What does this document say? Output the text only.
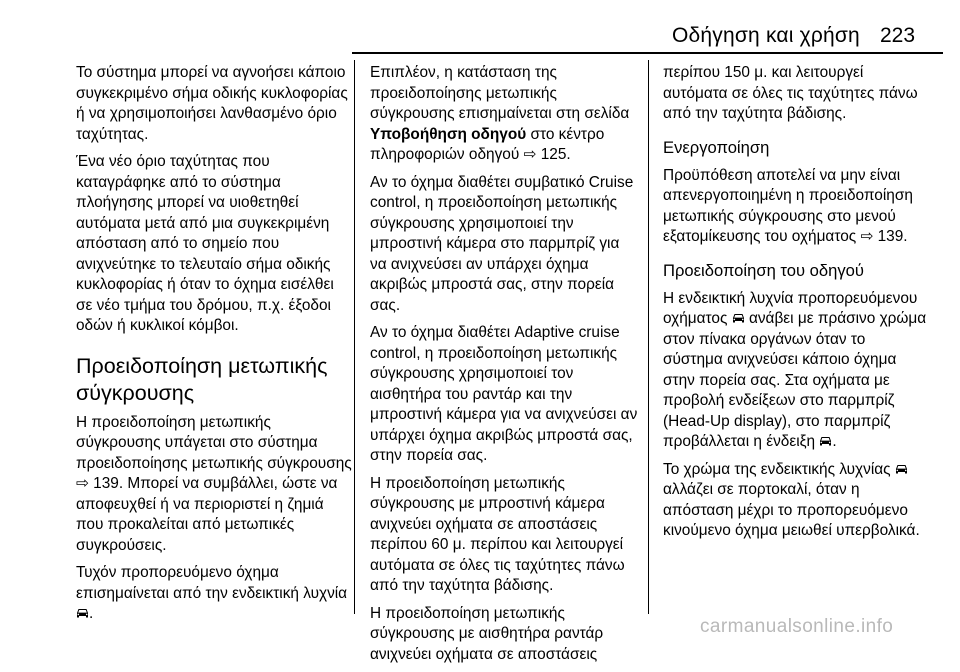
Οδήγηση και χρήση 223

Το σύστημα μπορεί να αγνοήσει κάποιο συγκεκριμένο σήμα οδικής κυκλοφορίας ή να χρησιμοποιήσει λανθασμένο όριο ταχύτητας.

Ένα νέο όριο ταχύτητας που καταγράφηκε από το σύστημα πλοήγησης μπορεί να υιοθετηθεί αυτόματα μετά από μια συγκεκριμένη απόσταση από το σημείο που ανιχνεύτηκε το τελευταίο σήμα οδικής κυκλοφορίας ή όταν το όχημα εισέλθει σε νέο τμήμα του δρόμου, π.χ. έξοδοι οδών ή κυκλικοί κόμβοι.

Προειδοποίηση μετωπικής σύγκρουσης

Η προειδοποίηση μετωπικής σύγκρουσης υπάγεται στο σύστημα προειδοποίησης μετωπικής σύγκρουσης ⇨ 139. Μπορεί να συμβάλλει, ώστε να αποφευχθεί ή να περιοριστεί η ζημιά που προκαλείται από μετωπικές συγκρούσεις.

Τυχόν προπορευόμενο όχημα επισημαίνεται από την ενδεικτική λυχνία .

Επιπλέον, η κατάσταση της προειδοποίησης μετωπικής σύγκρουσης επισημαίνεται στη σελίδα
Υποβοήθηση οδηγού στο κέντρο πληροφοριών οδηγού ⇨ 125.

Αν το όχημα διαθέτει συμβατικό Cruise control, η προειδοποίηση μετωπικής σύγκρουσης χρησιμοποιεί την μπροστινή κάμερα στο παρμπρίζ για να ανιχνεύσει αν υπάρχει όχημα ακριβώς μπροστά σας, στην πορεία σας.

Αν το όχημα διαθέτει Adaptive cruise control, η προειδοποίηση μετωπικής σύγκρουσης χρησιμοποιεί τον αισθητήρα του ραντάρ και την μπροστινή κάμερα για να ανιχνεύσει αν υπάρχει όχημα ακριβώς μπροστά σας, στην πορεία σας.

Η προειδοποίηση μετωπικής σύγκρουσης με μπροστινή κάμερα ανιχνεύει οχήματα σε αποστάσεις περίπου 60 μ. περίπου και λειτουργεί αυτόματα σε όλες τις ταχύτητες πάνω από την ταχύτητα βάδισης.

Η προειδοποίηση μετωπικής σύγκρουσης με αισθητήρα ραντάρ ανιχνεύει οχήματα σε αποστάσεις

περίπου 150 μ. και λειτουργεί αυτόματα σε όλες τις ταχύτητες πάνω από την ταχύτητα βάδισης.

Ενεργοποίηση

Προϋπόθεση αποτελεί να μην είναι απενεργοποιημένη η προειδοποίηση μετωπικής σύγκρουσης στο μενού εξατομίκευσης του οχήματος ⇨ 139.

Προειδοποίηση του οδηγού

Η ενδεικτική λυχνία προπορευόμενου οχήματος ανάβει με πράσινο χρώμα στον πίνακα οργάνων όταν το σύστημα ανιχνεύσει κάποιο όχημα στην πορεία σας. Στα οχήματα με προβολή ενδείξεων στο παρμπρίζ (Head-Up display), στο παρμπρίζ προβάλλεται η ένδειξη .

Το χρώμα της ενδεικτικής λυχνίας  αλλάζει σε πορτοκαλί, όταν η απόσταση μέχρι το προπορευόμενο κινούμενο όχημα μειωθεί υπερβολικά.

carmanualsonline.info
